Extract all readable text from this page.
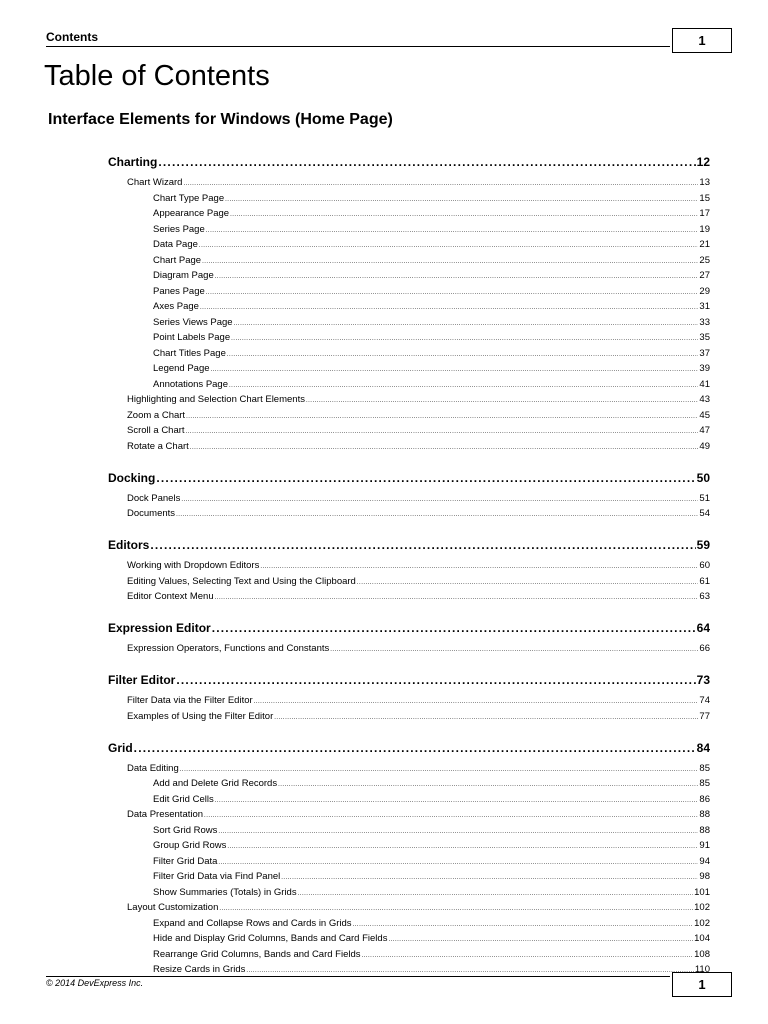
Contents	1
Table of Contents
Interface Elements for Windows (Home Page)
Charting .....	12
Chart Wizard .....	13
Chart Type Page .....	15
Appearance Page .....	17
Series Page .....	19
Data Page .....	21
Chart Page .....	25
Diagram Page .....	27
Panes Page .....	29
Axes Page .....	31
Series Views Page .....	33
Point Labels Page .....	35
Chart Titles Page .....	37
Legend Page .....	39
Annotations Page .....	41
Highlighting and Selection Chart Elements .....	43
Zoom a Chart .....	45
Scroll a Chart .....	47
Rotate a Chart .....	49
Docking .....	50
Dock Panels .....	51
Documents .....	54
Editors .....	59
Working with Dropdown Editors .....	60
Editing Values, Selecting Text and Using the Clipboard .....	61
Editor Context Menu .....	63
Expression Editor .....	64
Expression Operators, Functions and Constants .....	66
Filter Editor .....	73
Filter Data via the Filter Editor .....	74
Examples of Using the Filter Editor .....	77
Grid .....	84
Data Editing .....	85
Add and Delete Grid Records .....	85
Edit Grid Cells .....	86
Data Presentation .....	88
Sort Grid Rows .....	88
Group Grid Rows .....	91
Filter Grid Data .....	94
Filter Grid Data via Find Panel .....	98
Show Summaries (Totals) in Grids .....	101
Layout Customization .....	102
Expand and Collapse Rows and Cards in Grids .....	102
Hide and Display Grid Columns, Bands and Card Fields .....	104
Rearrange Grid Columns, Bands and Card Fields .....	108
Resize Cards in Grids .....	110
© 2014 DevExpress Inc.	1
